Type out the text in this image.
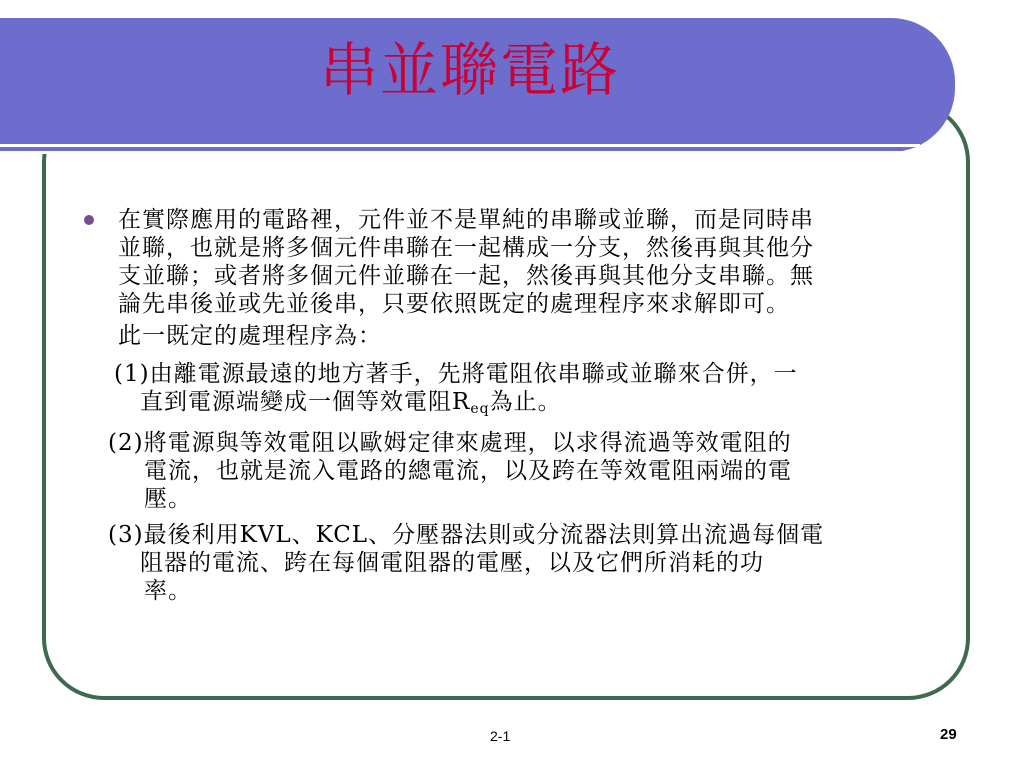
串並聯電路
在實際應用的電路裡，元件並不是單純的串聯或並聯，而是同時串
並聯，也就是將多個元件串聯在一起構成一分支，然後再與其他分
支並聯；或者將多個元件並聯在一起，然後再與其他分支串聯。無
論先串後並或先並後串，只要依照既定的處理程序來求解即可。
此一既定的處理程序為：
(1)由離電源最遠的地方著手，先將電阻依串聯或並聯來合併，一
直到電源端變成一個等效電阻$R_{eq}$為止。
(2)將電源與等效電阻以歐姆定律來處理，以求得流過等效電阻的
電流，也就是流入電路的總電流，以及跨在等效電阻兩端的電
壓。
(3)最後利用KVL、KCL、分壓器法則或分流器法則算出流過每個電
阻器的電流、跨在每個電阻器的電壓，以及它們所消耗的功
率。
2-1	29
